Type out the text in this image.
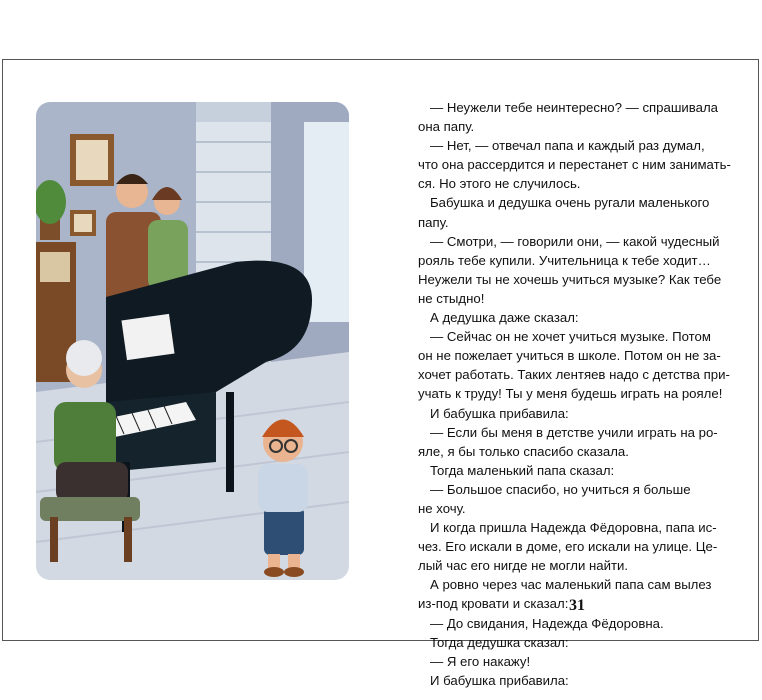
— Неужели тебе неинтересно? — спрашивала
она папу.
— Нет, — отвечал папа и каждый раз думал,
что она рассердится и перестанет с ним занимать-
ся. Но этого не случилось.
Бабушка и дедушка очень ругали маленького
папу.
— Смотри, — говорили они, — какой чудесный
рояль тебе купили. Учительница к тебе ходит…
Неужели ты не хочешь учиться музыке? Как тебе
не стыдно!
А дедушка даже сказал:
— Сейчас он не хочет учиться музыке. Потом
он не пожелает учиться в школе. Потом он не за-
хочет работать. Таких лентяев надо с детства при-
учать к труду! Ты у меня будешь играть на рояле!
И бабушка прибавила:
— Если бы меня в детстве учили играть на ро-
яле, я бы только спасибо сказала.
Тогда маленький папа сказал:
— Большое спасибо, но учиться я больше
не хочу.
И когда пришла Надежда Фёдоровна, папа ис-
чез. Его искали в доме, его искали на улице. Це-
лый час его нигде не могли найти.
А ровно через час маленький папа сам вылез
из-под кровати и сказал:
— До свидания, Надежда Фёдоровна.
Тогда дедушка сказал:
— Я его накажу!
И бабушка прибавила:
31
